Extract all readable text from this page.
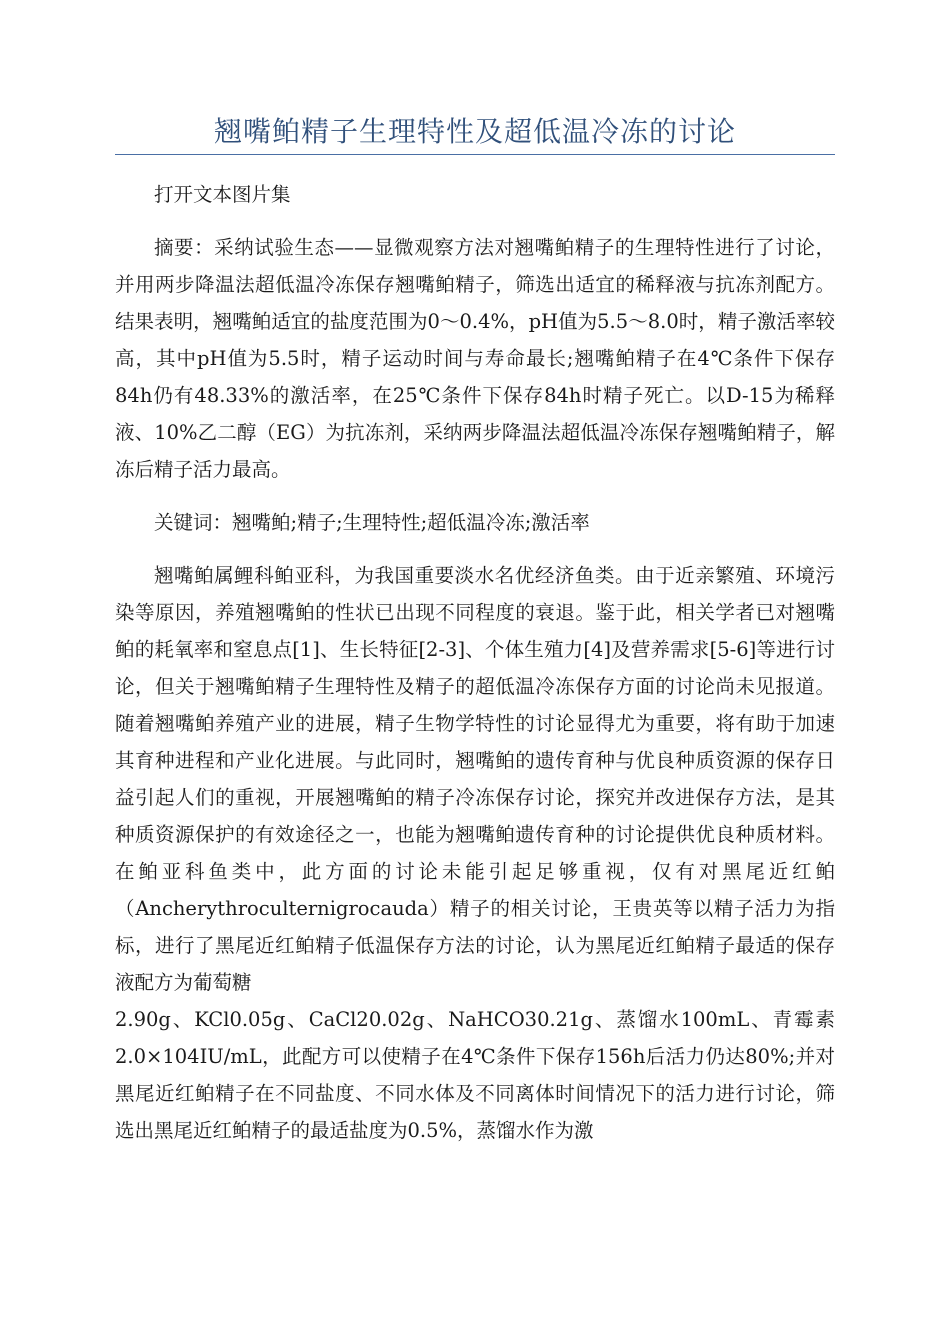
翘嘴鲌精子生理特性及超低温冷冻的讨论

打开文本图片集

摘要：采纳试验生态——显微观察方法对翘嘴鲌精子的生理特性进行了讨论，并用两步降温法超低温冷冻保存翘嘴鲌精子，筛选出适宜的稀释液与抗冻剂配方。结果表明，翘嘴鲌适宜的盐度范围为0～0.4%，pH值为5.5～8.0时，精子激活率较高，其中pH值为5.5时，精子运动时间与寿命最长;翘嘴鲌精子在4℃条件下保存84h仍有48.33%的激活率，在25℃条件下保存84h时精子死亡。以D-15为稀释液、10%乙二醇（EG）为抗冻剂，采纳两步降温法超低温冷冻保存翘嘴鲌精子，解冻后精子活力最高。

关键词：翘嘴鲌;精子;生理特性;超低温冷冻;激活率

翘嘴鲌属鲤科鲌亚科，为我国重要淡水名优经济鱼类。由于近亲繁殖、环境污染等原因，养殖翘嘴鲌的性状已出现不同程度的衰退。鉴于此，相关学者已对翘嘴鲌的耗氧率和窒息点[1]、生长特征[2-3]、个体生殖力[4]及营养需求[5-6]等进行讨论，但关于翘嘴鲌精子生理特性及精子的超低温冷冻保存方面的讨论尚未见报道。随着翘嘴鲌养殖产业的进展，精子生物学特性的讨论显得尤为重要，将有助于加速其育种进程和产业化进展。与此同时，翘嘴鲌的遗传育种与优良种质资源的保存日益引起人们的重视，开展翘嘴鲌的精子冷冻保存讨论，探究并改进保存方法，是其种质资源保护的有效途径之一，也能为翘嘴鲌遗传育种的讨论提供优良种质材料。在鲌亚科鱼类中，此方面的讨论未能引起足够重视，仅有对黑尾近红鲌（Ancherythroculternigrocauda）精子的相关讨论，王贵英等以精子活力为指标，进行了黑尾近红鲌精子低温保存方法的讨论，认为黑尾近红鲌精子最适的保存液配方为葡萄糖

2.90g、KCl0.05g、CaCl20.02g、NaHCO30.21g、蒸馏水100mL、青霉素2.0×104IU/mL，此配方可以使精子在4℃条件下保存156h后活力仍达80%;并对黑尾近红鲌精子在不同盐度、不同水体及不同离体时间情况下的活力进行讨论，筛选出黑尾近红鲌精子的最适盐度为0.5%，蒸馏水作为激
